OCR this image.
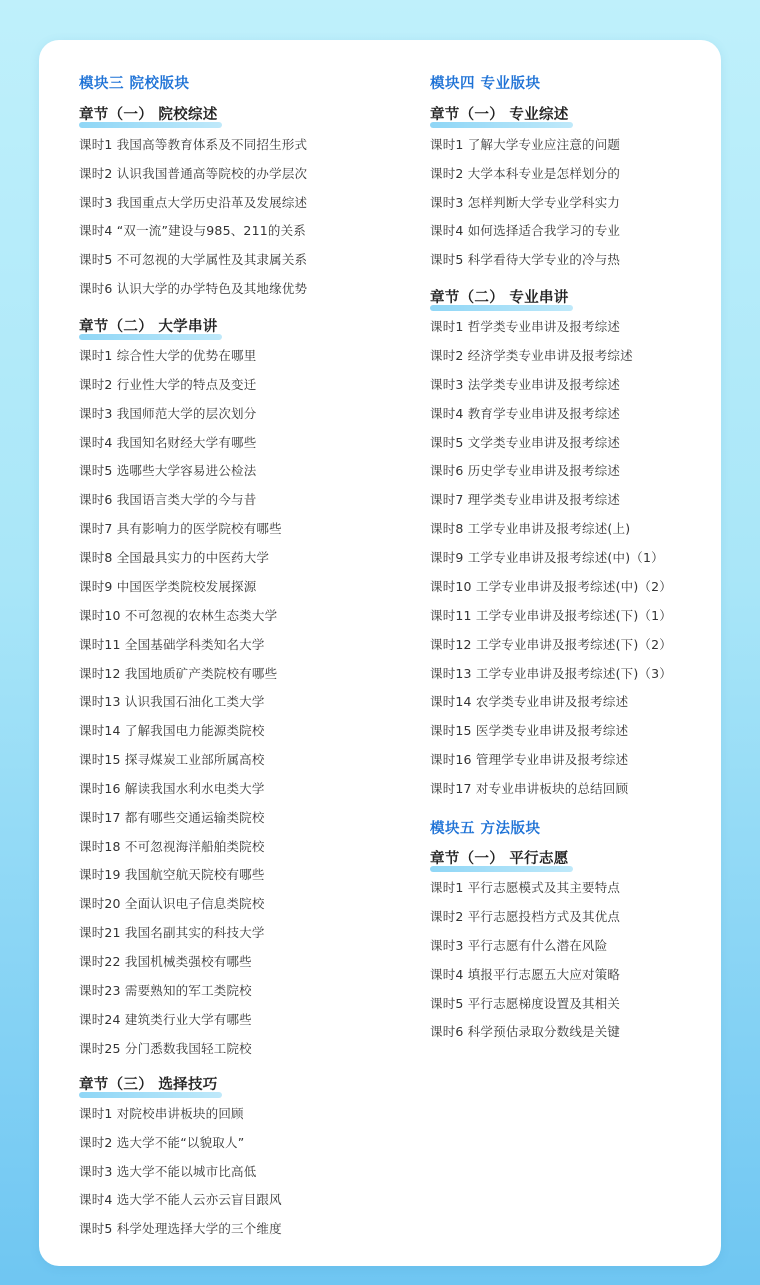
模块三 院校版块
章节（一） 院校综述
课时1 我国高等教育体系及不同招生形式
课时2 认识我国普通高等院校的办学层次
课时3 我国重点大学历史沿革及发展综述
课时4 “双一流”建设与985、211的关系
课时5 不可忽视的大学属性及其隶属关系
课时6 认识大学的办学特色及其地缘优势
章节（二） 大学串讲
课时1 综合性大学的优势在哪里
课时2 行业性大学的特点及变迁
课时3 我国师范大学的层次划分
课时4 我国知名财经大学有哪些
课时5 选哪些大学容易进公检法
课时6 我国语言类大学的今与昔
课时7 具有影响力的医学院校有哪些
课时8 全国最具实力的中医药大学
课时9 中国医学类院校发展探源
课时10 不可忽视的农林生态类大学
课时11 全国基础学科类知名大学
课时12 我国地质矿产类院校有哪些
课时13 认识我国石油化工类大学
课时14 了解我国电力能源类院校
课时15 探寻煤炭工业部所属高校
课时16 解读我国水利水电类大学
课时17 都有哪些交通运输类院校
课时18 不可忽视海洋船舶类院校
课时19 我国航空航天院校有哪些
课时20 全面认识电子信息类院校
课时21 我国名副其实的科技大学
课时22 我国机械类强校有哪些
课时23 需要熟知的军工类院校
课时24 建筑类行业大学有哪些
课时25 分门悉数我国轻工院校
章节（三） 选择技巧
课时1 对院校串讲板块的回顾
课时2 选大学不能“以貌取人”
课时3 选大学不能以城市比高低
课时4 选大学不能人云亦云盲目跟风
课时5 科学处理选择大学的三个维度
模块四 专业版块
章节（一） 专业综述
课时1 了解大学专业应注意的问题
课时2 大学本科专业是怎样划分的
课时3 怎样判断大学专业学科实力
课时4 如何选择适合我学习的专业
课时5 科学看待大学专业的冷与热
章节（二） 专业串讲
课时1 哲学类专业串讲及报考综述
课时2 经济学类专业串讲及报考综述
课时3 法学类专业串讲及报考综述
课时4 教育学专业串讲及报考综述
课时5 文学类专业串讲及报考综述
课时6 历史学专业串讲及报考综述
课时7 理学类专业串讲及报考综述
课时8 工学专业串讲及报考综述(上)
课时9 工学专业串讲及报考综述(中)（1）
课时10 工学专业串讲及报考综述(中)（2）
课时11 工学专业串讲及报考综述(下)（1）
课时12 工学专业串讲及报考综述(下)（2）
课时13 工学专业串讲及报考综述(下)（3）
课时14 农学类专业串讲及报考综述
课时15 医学类专业串讲及报考综述
课时16 管理学专业串讲及报考综述
课时17 对专业串讲板块的总结回顾
模块五 方法版块
章节（一） 平行志愿
课时1 平行志愿模式及其主要特点
课时2 平行志愿投档方式及其优点
课时3 平行志愿有什么潜在风险
课时4 填报平行志愿五大应对策略
课时5 平行志愿梯度设置及其相关
课时6 科学预估录取分数线是关键
